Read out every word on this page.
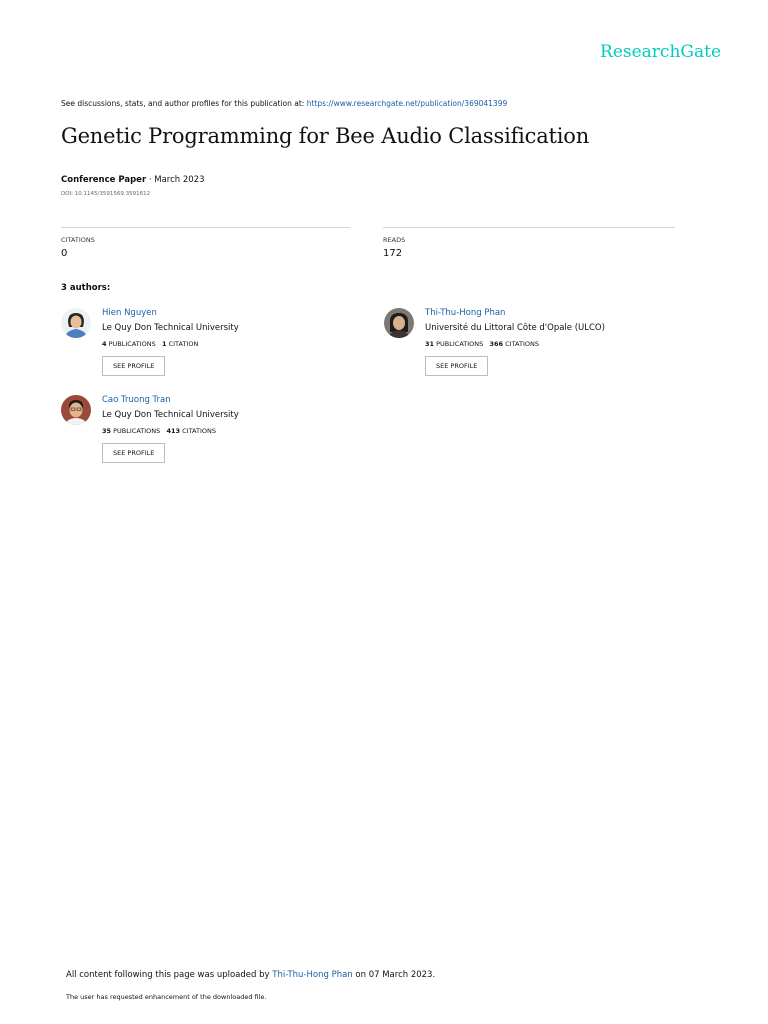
ResearchGate
See discussions, stats, and author profiles for this publication at: https://www.researchgate.net/publication/369041399
Genetic Programming for Bee Audio Classification
Conference Paper · March 2023
DOI: 10.1145/3591569.3591612
CITATIONS
0
READS
172
3 authors:
Hien Nguyen
Le Quy Don Technical University
4 PUBLICATIONS 1 CITATION
SEE PROFILE
Thi-Thu-Hong Phan
Université du Littoral Côte d'Opale (ULCO)
31 PUBLICATIONS 366 CITATIONS
SEE PROFILE
Cao Truong Tran
Le Quy Don Technical University
35 PUBLICATIONS 413 CITATIONS
SEE PROFILE
All content following this page was uploaded by Thi-Thu-Hong Phan on 07 March 2023.
The user has requested enhancement of the downloaded file.
